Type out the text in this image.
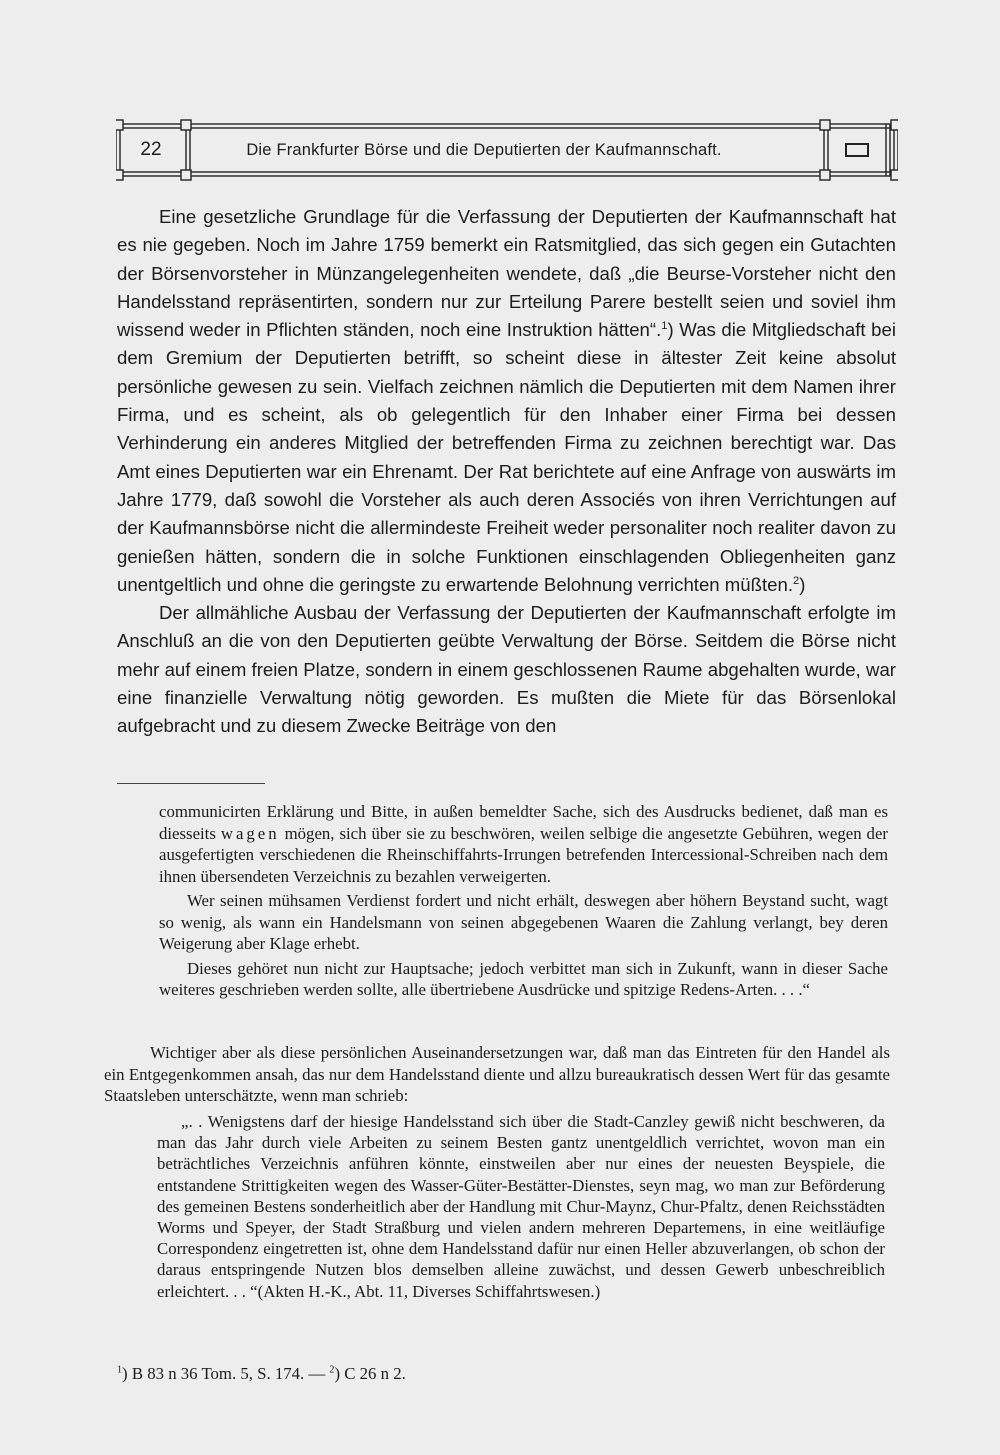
22	Die Frankfurter Börse und die Deputierten der Kaufmannschaft.

Eine gesetzliche Grundlage für die Verfassung der Deputierten der Kaufmannschaft hat es nie gegeben. Noch im Jahre 1759 bemerkt ein Ratsmitglied, das sich gegen ein Gutachten der Börsenvorsteher in Münzangelegenheiten wendete, daß „die Beurse-Vorsteher nicht den Handelsstand repräsentirten, sondern nur zur Erteilung Parere bestellt seien und soviel ihm wissend weder in Pflichten ständen, noch eine Instruktion hätten“.$^1$) Was die Mitgliedschaft bei dem Gremium der Deputierten betrifft, so scheint diese in ältester Zeit keine absolut persönliche gewesen zu sein. Vielfach zeichnen nämlich die Deputierten mit dem Namen ihrer Firma, und es scheint, als ob gelegentlich für den Inhaber einer Firma bei dessen Verhinderung ein anderes Mitglied der betreffenden Firma zu zeichnen berechtigt war. Das Amt eines Deputierten war ein Ehrenamt. Der Rat berichtete auf eine Anfrage von auswärts im Jahre 1779, daß sowohl die Vorsteher als auch deren Associés von ihren Verrichtungen auf der Kaufmannsbörse nicht die allermindeste Freiheit weder personaliter noch realiter davon zu genießen hätten, sondern die in solche Funktionen einschlagenden Obliegenheiten ganz unentgeltlich und ohne die geringste zu erwartende Belohnung verrichten müßten.$^2$)

Der allmähliche Ausbau der Verfassung der Deputierten der Kaufmannschaft erfolgte im Anschluß an die von den Deputierten geübte Verwaltung der Börse. Seitdem die Börse nicht mehr auf einem freien Platze, sondern in einem geschlossenen Raume abgehalten wurde, war eine finanzielle Verwaltung nötig geworden. Es mußten die Miete für das Börsenlokal aufgebracht und zu diesem Zwecke Beiträge von den

communicirten Erklärung und Bitte, in außen bemeldter Sache, sich des Ausdrucks bedienet, daß man es diesseits wagen mögen, sich über sie zu beschwören, weilen selbige die angesetzte Gebühren, wegen der ausgefertigten verschiedenen die Rheinschiffahrts-Irrungen betrefenden Intercessional-Schreiben nach dem ihnen übersendeten Verzeichnis zu bezahlen verweigerten.

Wer seinen mühsamen Verdienst fordert und nicht erhält, deswegen aber höhern Beystand sucht, wagt so wenig, als wann ein Handelsmann von seinen abgegebenen Waaren die Zahlung verlangt, bey deren Weigerung aber Klage erhebt.

Dieses gehöret nun nicht zur Hauptsache; jedoch verbittet man sich in Zukunft, wann in dieser Sache weiteres geschrieben werden sollte, alle übertriebene Ausdrücke und spitzige Redens-Arten. . . .“

Wichtiger aber als diese persönlichen Auseinandersetzungen war, daß man das Eintreten für den Handel als ein Entgegenkommen ansah, das nur dem Handelsstand diente und allzu bureaukratisch dessen Wert für das gesamte Staatsleben unterschätzte, wenn man schrieb:

„. . Wenigstens darf der hiesige Handelsstand sich über die Stadt-Canzley gewiß nicht beschweren, da man das Jahr durch viele Arbeiten zu seinem Besten gantz unentgeldlich verrichtet, wovon man ein beträchtliches Verzeichnis anführen könnte, einstweilen aber nur eines der neuesten Beyspiele, die entstandene Strittigkeiten wegen des Wasser-Güter-Bestätter-Dienstes, seyn mag, wo man zur Beförderung des gemeinen Bestens sonderheitlich aber der Handlung mit Chur-Maynz, Chur-Pfaltz, denen Reichsstädten Worms und Speyer, der Stadt Straßburg und vielen andern mehreren Departemens, in eine weitläufige Correspondenz eingetretten ist, ohne dem Handelsstand dafür nur einen Heller abzuverlangen, ob schon der daraus entspringende Nutzen blos demselben alleine zuwächst, und dessen Gewerb unbeschreiblich erleichtert. . . “(Akten H.-K., Abt. 11, Diverses Schiffahrtswesen.)

$^1$) B 83 n 36 Tom. 5, S. 174. — $^2$) C 26 n 2.
